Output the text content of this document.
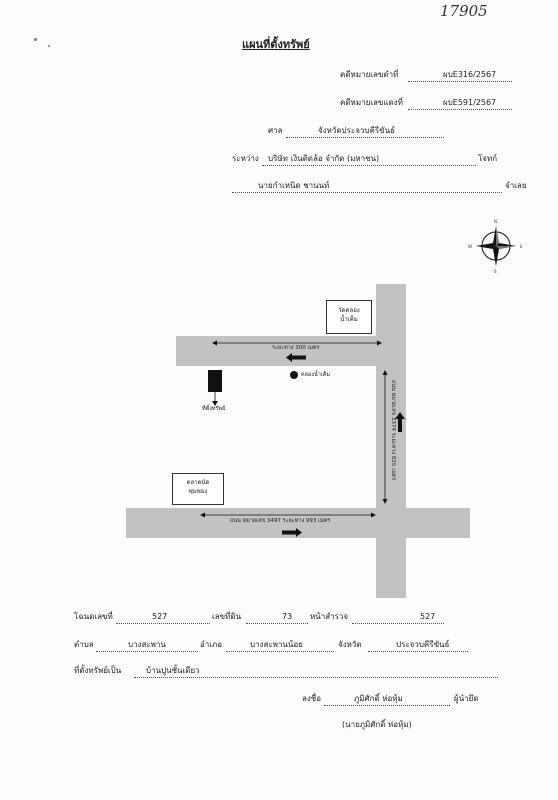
17905
แผนที่ตั้งทรัพย์
คดีหมายเลขดำที่	ผบE316/2567
คดีหมายเลขแดงที่	ผบE591/2567
ศาล	จังหวัดประจวบคีรีขันธ์
ระหว่าง บริษัท เงินติดล้อ จำกัด (มหาชน)	โจทก์
นายกำเหนิด ชานนท์	จำเลย
N
S
W	E
ระยะทาง 300 เมตร
วัดคลอง
น้ำเค็ม
คลองน้ำเค็ม
ที่ตั้งทรัพย์	ถนน หมายเลข 3374 ระยะทาง 825 เมตร
ตลาดนัด
พุ่มพอง
ถนน หมายเลข 3497 ระยะทาง 993 เมตร
โฉนดเลขที่	527	เลขที่ดิน	73 หน้าสำรวจ	527
ตำบล	บางสะพาน	อำเภอ	บางสะพานน้อย	จังหวัด	ประจวบคีรีขันธ์
ที่ตั้งทรัพย์เป็น	บ้านปูนชั้นเดียว
ลงชื่อ	ภูมิศักดิ์ ห่อหุ้ม	ผู้นำยึด
(นายภูมิศักดิ์ ห่อหุ้ม)
